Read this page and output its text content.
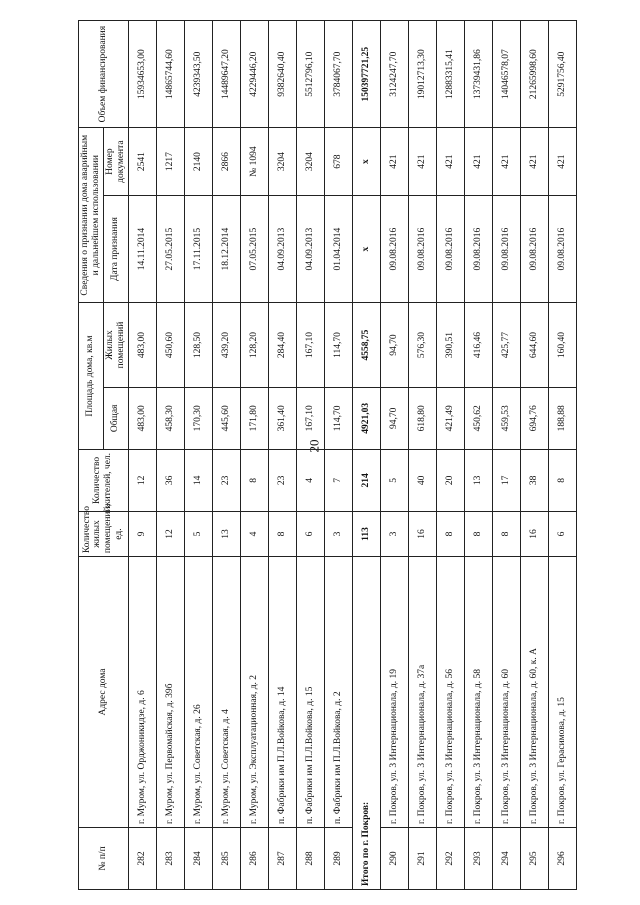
20
№ п/п	Адрес дома	Количество жилых помещений, ед.	Количество жителей, чел.	Площадь дома, кв.м		Сведения о признании дома аварийным и дальнейшем использовании		Объем финансирования
				Общая	Жилых помещений	Дата признания	Номер документа	

282	г. Муром, ул. Орджоникидзе, д. 6	9	12	483,00	483,00	14.11.2014	2541	15934653,00
283	г. Муром, ул. Первомайская, д. 39б	12	36	458,30	450,60	27.05.2015	1217	14865744,60
284	г. Муром, ул. Советская, д. 26	5	14	170,30	128,50	17.11.2015	2140	4239343,50
285	г. Муром, ул. Советская, д. 4	13	23	445,60	439,20	18.12.2014	2866	14489647,20
286	г. Муром, ул. Эксплуатационная, д. 2	4	8	171,80	128,20	07.05.2015	№ 1094	4229446,20
287	п. Фабрики им П.Л.Войкова, д. 14	8	23	361,40	284,40	04.09.2013	3204	9382640,40
288	п. Фабрики им П.Л.Войкова, д. 15	6	4	167,10	167,10	04.09.2013	3204	5512796,10
289	п. Фабрики им П.Л.Войкова, д. 2	3	7	114,70	114,70	01.04.2014	678	3784067,70
Итого по г. Покров:		113	214	4921,03	4558,75	x	x	150397721,25
290	г. Покров, ул. 3 Интернационала, д. 19	3	5	94,70	94,70	09.08.2016	421	3124247,70
291	г. Покров, ул. 3 Интернационала, д. 37а	16	40	618,80	576,30	09.08.2016	421	19012713,30
292	г. Покров, ул. 3 Интернационала, д. 56	8	20	421,49	390,51	09.08.2016	421	12883315,41
293	г. Покров, ул. 3 Интернационала, д. 58	8	13	450,62	416,46	09.08.2016	421	13739431,86
294	г. Покров, ул. 3 Интернационала, д. 60	8	17	459,53	425,77	09.08.2016	421	14046578,07
295	г. Покров, ул. 3 Интернационала, д. 60, к. А	16	38	694,76	644,60	09.08.2016	421	21265998,60
296	г. Покров, ул. Герасимова, д. 15	6	8	188,88	160,40	09.08.2016	421	5291756,40
